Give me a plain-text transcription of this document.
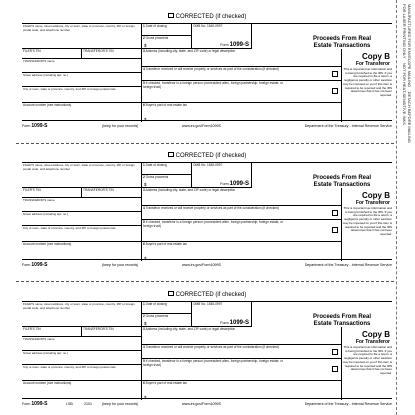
MANUFACTURED FOR ENVELOPE MAILING    DETACH BEFORE MAILING
FOR LASER PRINTING ONLY    NOT FOR HEAT-SENSITIVE INKS
CORRECTED (if checked)
FILER'S name, street address, city or town, state or province, country, ZIP or foreign postal code, and telephone number
1 Date of closing
2 Gross proceeds
$
OMB No. 1545-0997
Form 1099-S
Proceeds From Real
Estate Transactions
FILER'S TIN	TRANSFEROR'S TIN	3 Address (including city, state, and ZIP code) or legal description
TRANSFEROR'S name
4 Transferor received or will receive property or services as part of the consideration (if checked)
Street address (including apt. no.)
5 If checked, transferor is a foreign person (nonresident alien, foreign partnership, foreign estate, or foreign trust)
City or town, state or province, country, and ZIP or foreign postal code
Account number (see instructions)	6 Buyer's part of real estate tax
$
Copy B
For Transferor
This is important tax information and is being furnished to the IRS. If you are required to file a return, a negligence penalty or other sanction may be imposed on you if this item is required to be reported and the IRS determines that it has not been reported.
Form 1099-S	(keep for your records)	www.irs.gov/Form1099S	Department of the Treasury - Internal Revenue Service
CORRECTED (if checked)
FILER'S name, street address, city or town, state or province, country, ZIP or foreign postal code, and telephone number
1 Date of closing
2 Gross proceeds
$
OMB No. 1545-0997
Form 1099-S
Proceeds From Real
Estate Transactions
FILER'S TIN	TRANSFEROR'S TIN	3 Address (including city, state, and ZIP code) or legal description
TRANSFEROR'S name
4 Transferor received or will receive property or services as part of the consideration (if checked)
Street address (including apt. no.)
5 If checked, transferor is a foreign person (nonresident alien, foreign partnership, foreign estate, or foreign trust)
City or town, state or province, country, and ZIP or foreign postal code
Account number (see instructions)	6 Buyer's part of real estate tax
$
Copy B
For Transferor
This is important tax information and is being furnished to the IRS. If you are required to file a return, a negligence penalty or other sanction may be imposed on you if this item is required to be reported and the IRS determines that it has not been reported.
Form 1099-S	(keep for your records)	www.irs.gov/Form1099S	Department of the Treasury - Internal Revenue Service
CORRECTED (if checked)
FILER'S name, street address, city or town, state or province, country, ZIP or foreign postal code, and telephone number
1 Date of closing
2 Gross proceeds
$
OMB No. 1545-0997
Form 1099-S
Proceeds From Real
Estate Transactions
FILER'S TIN	TRANSFEROR'S TIN	3 Address (including city, state, and ZIP code) or legal description
TRANSFEROR'S name
4 Transferor received or will receive property or services as part of the consideration (if checked)
Street address (including apt. no.)
5 If checked, transferor is a foreign person (nonresident alien, foreign partnership, foreign estate, or foreign trust)
City or town, state or province, country, and ZIP or foreign postal code
Account number (see instructions)	6 Buyer's part of real estate tax
$
Copy B
For Transferor
This is important tax information and is being furnished to the IRS. If you are required to file a return, a negligence penalty or other sanction may be imposed on you if this item is required to be reported and the IRS determines that it has not been reported.
Form 1099-S	LSB	2101	(keep for your records)	www.irs.gov/Form1099S	Department of the Treasury - Internal Revenue Service
